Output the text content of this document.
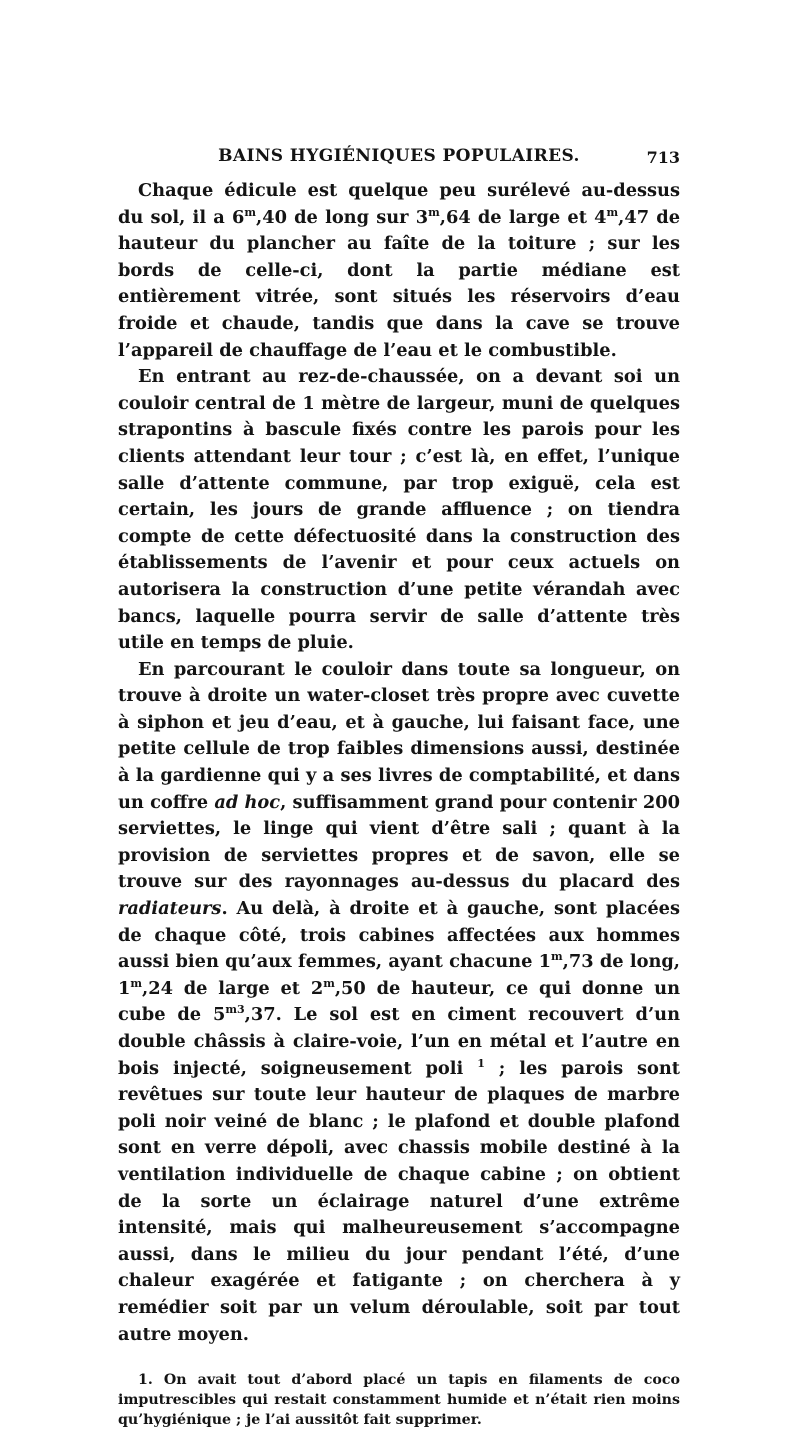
BAINS HYGIÉNIQUES POPULAIRES.	713

Chaque édicule est quelque peu surélevé au-dessus du sol, il a 6$^m$,40 de long sur 3$^m$,64 de large et 4$^m$,47 de hauteur du plancher au faîte de la toiture ; sur les bords de celle-ci, dont la partie médiane est entièrement vitrée, sont situés les réservoirs d’eau froide et chaude, tandis que dans la cave se trouve l’appareil de chauffage de l’eau et le combustible.

En entrant au rez-de-chaussée, on a devant soi un couloir central de 1 mètre de largeur, muni de quelques strapontins à bascule fixés contre les parois pour les clients attendant leur tour ; c’est là, en effet, l’unique salle d’attente commune, par trop exiguë, cela est certain, les jours de grande affluence ; on tiendra compte de cette défectuosité dans la construction des établissements de l’avenir et pour ceux actuels on autorisera la construction d’une petite vérandah avec bancs, laquelle pourra servir de salle d’attente très utile en temps de pluie.

En parcourant le couloir dans toute sa longueur, on trouve à droite un water-closet très propre avec cuvette à siphon et jeu d’eau, et à gauche, lui faisant face, une petite cellule de trop faibles dimensions aussi, destinée à la gardienne qui y a ses livres de comptabilité, et dans un coffre ad hoc, suffisamment grand pour contenir 200 serviettes, le linge qui vient d’être sali ; quant à la provision de serviettes propres et de savon, elle se trouve sur des rayonnages au-dessus du placard des radiateurs. Au delà, à droite et à gauche, sont placées de chaque côté, trois cabines affectées aux hommes aussi bien qu’aux femmes, ayant chacune 1$^m$,73 de long, 1$^m$,24 de large et 2$^m$,50 de hauteur, ce qui donne un cube de $5^{m3},37$. Le sol est en ciment recouvert d’un double châssis à claire-voie, l’un en métal et l’autre en bois injecté, soigneusement poli $^1$ ; les parois sont revêtues sur toute leur hauteur de plaques de marbre poli noir veiné de blanc ; le plafond et double plafond sont en verre dépoli, avec chassis mobile destiné à la ventilation individuelle de chaque cabine ; on obtient de la sorte un éclairage naturel d’une extrême intensité, mais qui malheureusement s’accompagne aussi, dans le milieu du jour pendant l’été, d’une chaleur exagérée et fatigante ; on cherchera à y remédier soit par un velum déroulable, soit par tout autre moyen.

1. On avait tout d’abord placé un tapis en filaments de coco imputrescibles qui restait constamment humide et n’était rien moins qu’hygiénique ; je l’ai aussitôt fait supprimer.
